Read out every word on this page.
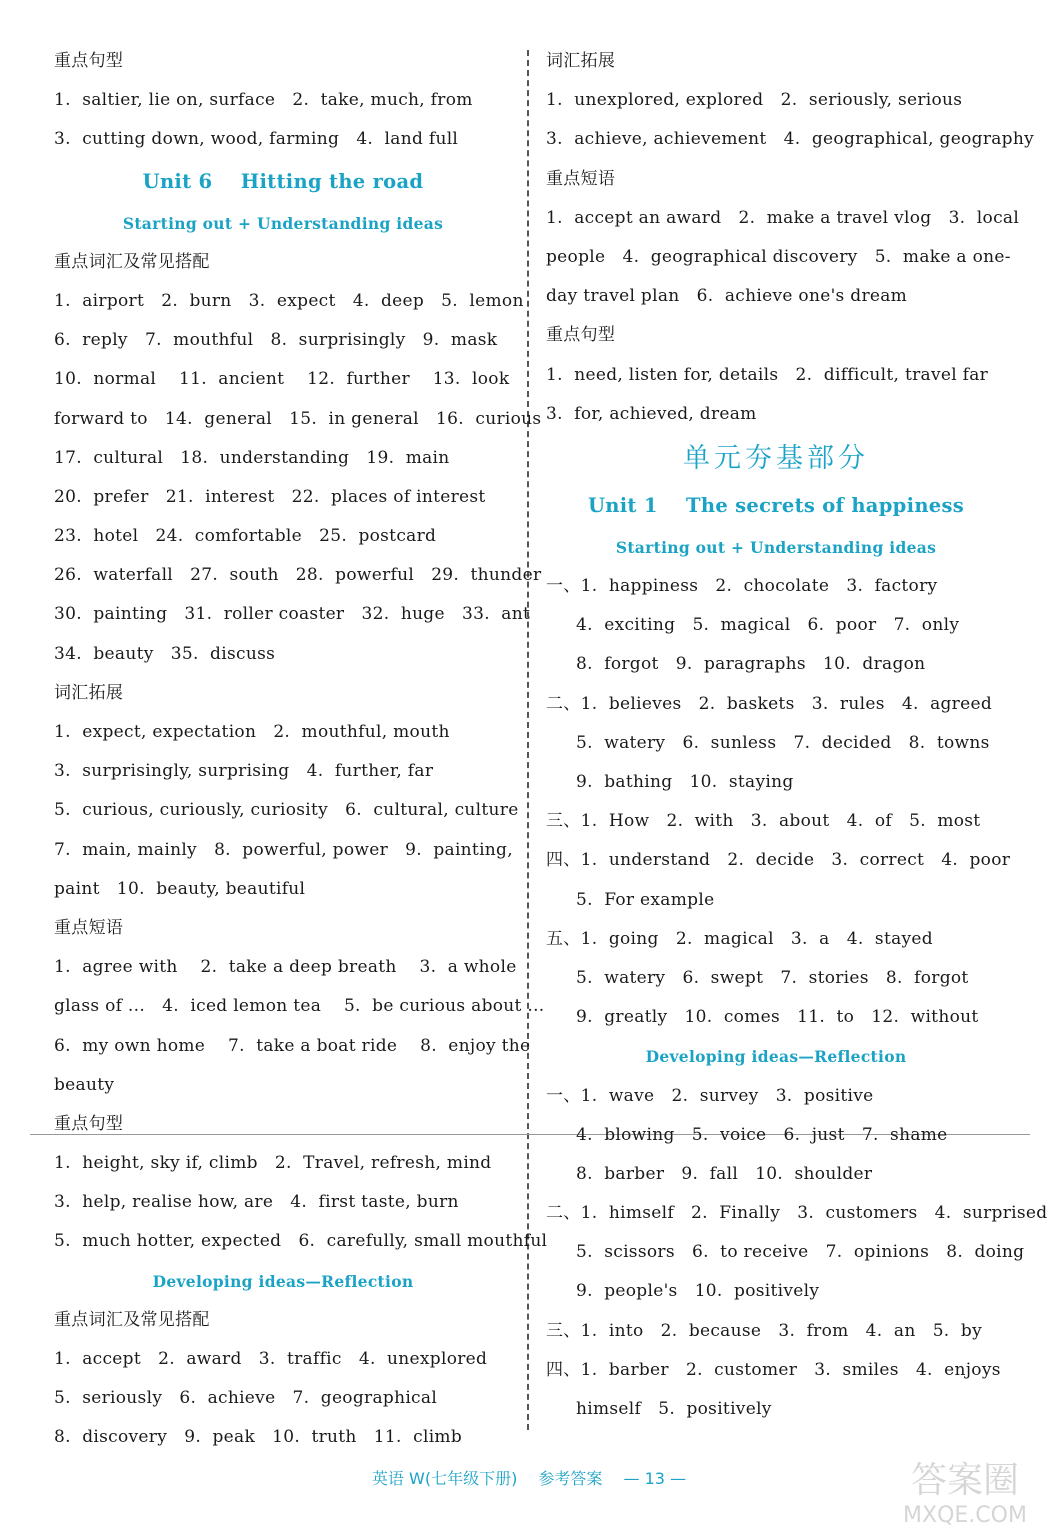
重点句型
1.  saltier, lie on, surface   2.  take, much, from
3.  cutting down, wood, farming   4.  land full
Unit 6    Hitting the road
Starting out + Understanding ideas
重点词汇及常见搭配
1.  airport   2.  burn   3.  expect   4.  deep   5.  lemon
6.  reply   7.  mouthful   8.  surprisingly   9.  mask
10.  normal    11.  ancient    12.  further    13.  look
forward to   14.  general   15.  in general   16.  curious
17.  cultural   18.  understanding   19.  main
20.  prefer   21.  interest   22.  places of interest
23.  hotel   24.  comfortable   25.  postcard
26.  waterfall   27.  south   28.  powerful   29.  thunder
30.  painting   31.  roller coaster   32.  huge   33.  ant
34.  beauty   35.  discuss
词汇拓展
1.  expect, expectation   2.  mouthful, mouth
3.  surprisingly, surprising   4.  further, far
5.  curious, curiously, curiosity   6.  cultural, culture
7.  main, mainly   8.  powerful, power   9.  painting,
paint   10.  beauty, beautiful
重点短语
1.  agree with    2.  take a deep breath    3.  a whole
glass of ...   4.  iced lemon tea    5.  be curious about ...
6.  my own home    7.  take a boat ride    8.  enjoy the
beauty
重点句型
1.  height, sky if, climb   2.  Travel, refresh, mind
3.  help, realise how, are   4.  first taste, burn
5.  much hotter, expected   6.  carefully, small mouthful
Developing ideas—Reflection
重点词汇及常见搭配
1.  accept   2.  award   3.  traffic   4.  unexplored
5.  seriously   6.  achieve   7.  geographical
8.  discovery   9.  peak   10.  truth   11.  climb
词汇拓展
1.  unexplored, explored   2.  seriously, serious
3.  achieve, achievement   4.  geographical, geography
重点短语
1.  accept an award   2.  make a travel vlog   3.  local
people   4.  geographical discovery   5.  make a one-
day travel plan   6.  achieve one's dream
重点句型
1.  need, listen for, details   2.  difficult, travel far
3.  for, achieved, dream
单元夯基部分
Unit 1    The secrets of happiness
Starting out + Understanding ideas
一、1.  happiness   2.  chocolate   3.  factory
4.  exciting   5.  magical   6.  poor   7.  only
8.  forgot   9.  paragraphs   10.  dragon
二、1.  believes   2.  baskets   3.  rules   4.  agreed
5.  watery   6.  sunless   7.  decided   8.  towns
9.  bathing   10.  staying
三、1.  How   2.  with   3.  about   4.  of   5.  most
四、1.  understand   2.  decide   3.  correct   4.  poor
5.  For example
五、1.  going   2.  magical   3.  a   4.  stayed
5.  watery   6.  swept   7.  stories   8.  forgot
9.  greatly   10.  comes   11.  to   12.  without
Developing ideas—Reflection
一、1.  wave   2.  survey   3.  positive
4.  blowing   5.  voice   6.  just   7.  shame
8.  barber   9.  fall   10.  shoulder
二、1.  himself   2.  Finally   3.  customers   4.  surprised
5.  scissors   6.  to receive   7.  opinions   8.  doing
9.  people's   10.  positively
三、1.  into   2.  because   3.  from   4.  an   5.  by
四、1.  barber   2.  customer   3.  smiles   4.  enjoys
himself   5.  positively
英语 W(七年级下册) 参考答案 — 13 —	答案圈
MXQE.COM
